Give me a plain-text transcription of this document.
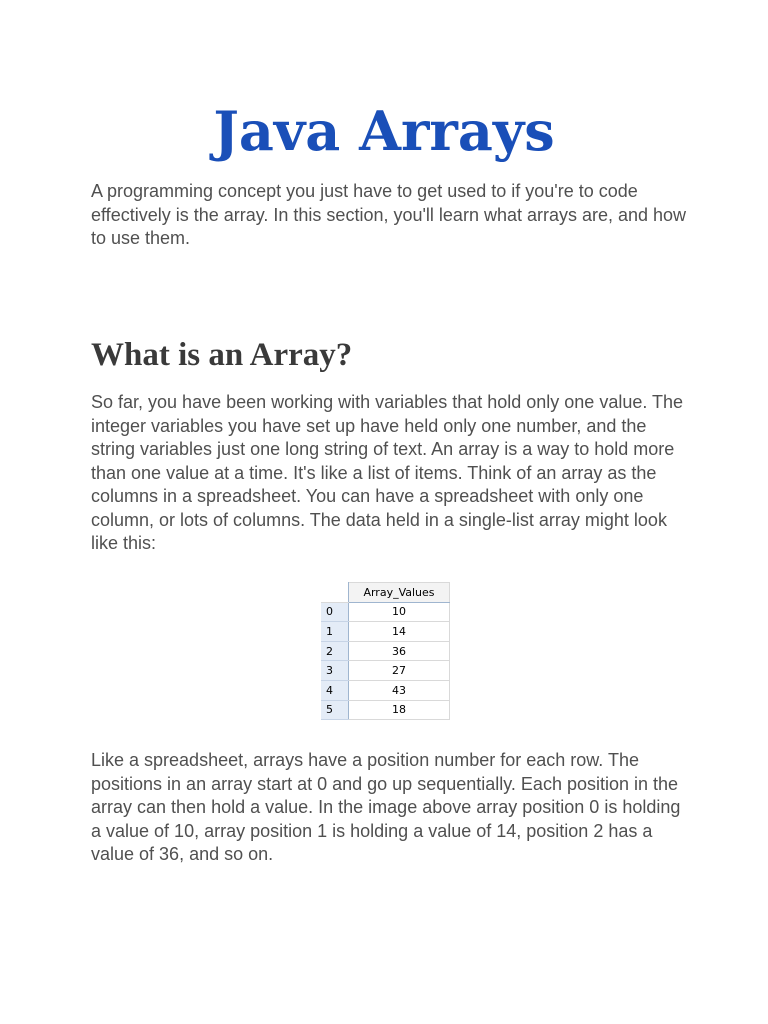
Java Arrays

A programming concept you just have to get used to if you're to code effectively is the array. In this section, you'll learn what arrays are, and how to use them.

What is an Array?

So far, you have been working with variables that hold only one value. The integer variables you have set up have held only one number, and the string variables just one long string of text. An array is a way to hold more than one value at a time. It's like a list of items. Think of an array as the columns in a spreadsheet. You can have a spreadsheet with only one column, or lots of columns. The data held in a single-list array might look like this:

	Array_Values
0	10
1	14
2	36
3	27
4	43
5	18

Like a spreadsheet, arrays have a position number for each row. The positions in an array start at 0 and go up sequentially. Each position in the array can then hold a value. In the image above array position 0 is holding a value of 10, array position 1 is holding a value of 14, position 2 has a value of 36, and so on.
